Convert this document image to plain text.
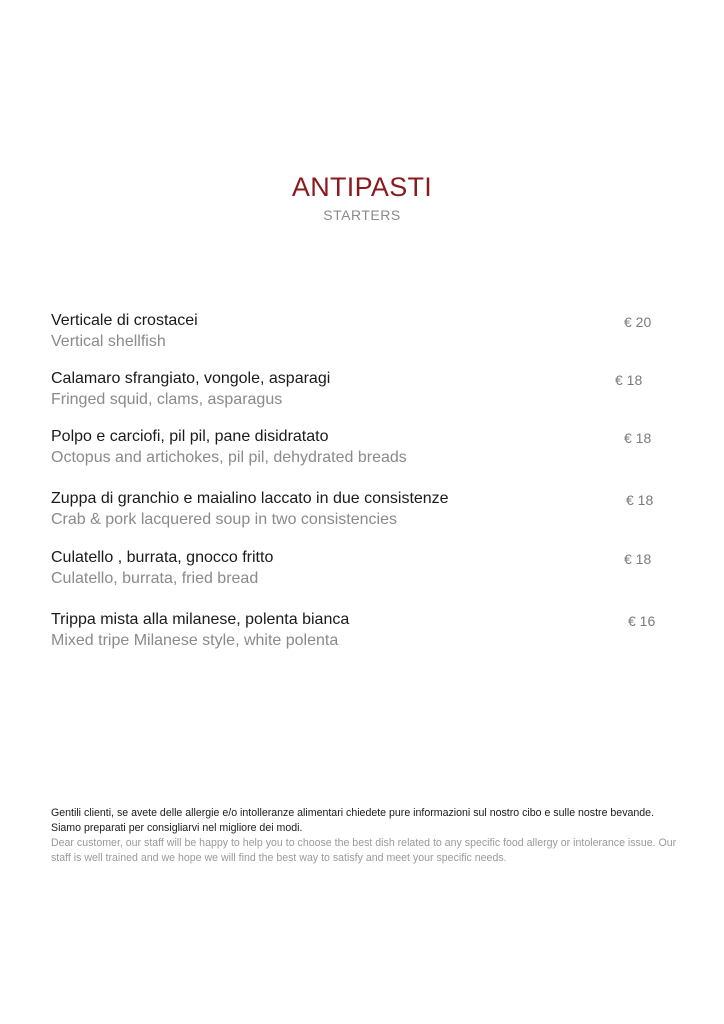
ANTIPASTI
STARTERS
Verticale di crostacei
Vertical shellfish
€ 20
Calamaro sfrangiato, vongole, asparagi
Fringed squid, clams, asparagus
€ 18
Polpo e carciofi, pil pil, pane disidratato
Octopus and artichokes, pil pil, dehydrated breads
€ 18
Zuppa di granchio e maialino laccato in due consistenze
Crab & pork lacquered soup in two consistencies
€ 18
Culatello , burrata, gnocco fritto
Culatello, burrata, fried bread
€ 18
Trippa mista alla milanese, polenta bianca
Mixed tripe Milanese style, white polenta
€ 16
Gentili clienti, se avete delle allergie e/o intolleranze alimentari chiedete pure informazioni sul nostro cibo e sulle nostre bevande. Siamo preparati per consigliarvi nel migliore dei modi.
Dear customer, our staff will be happy to help you to choose the best dish related to any specific food allergy or intolerance issue. Our staff is well trained and we hope we will find the best way to satisfy and meet your specific needs.
